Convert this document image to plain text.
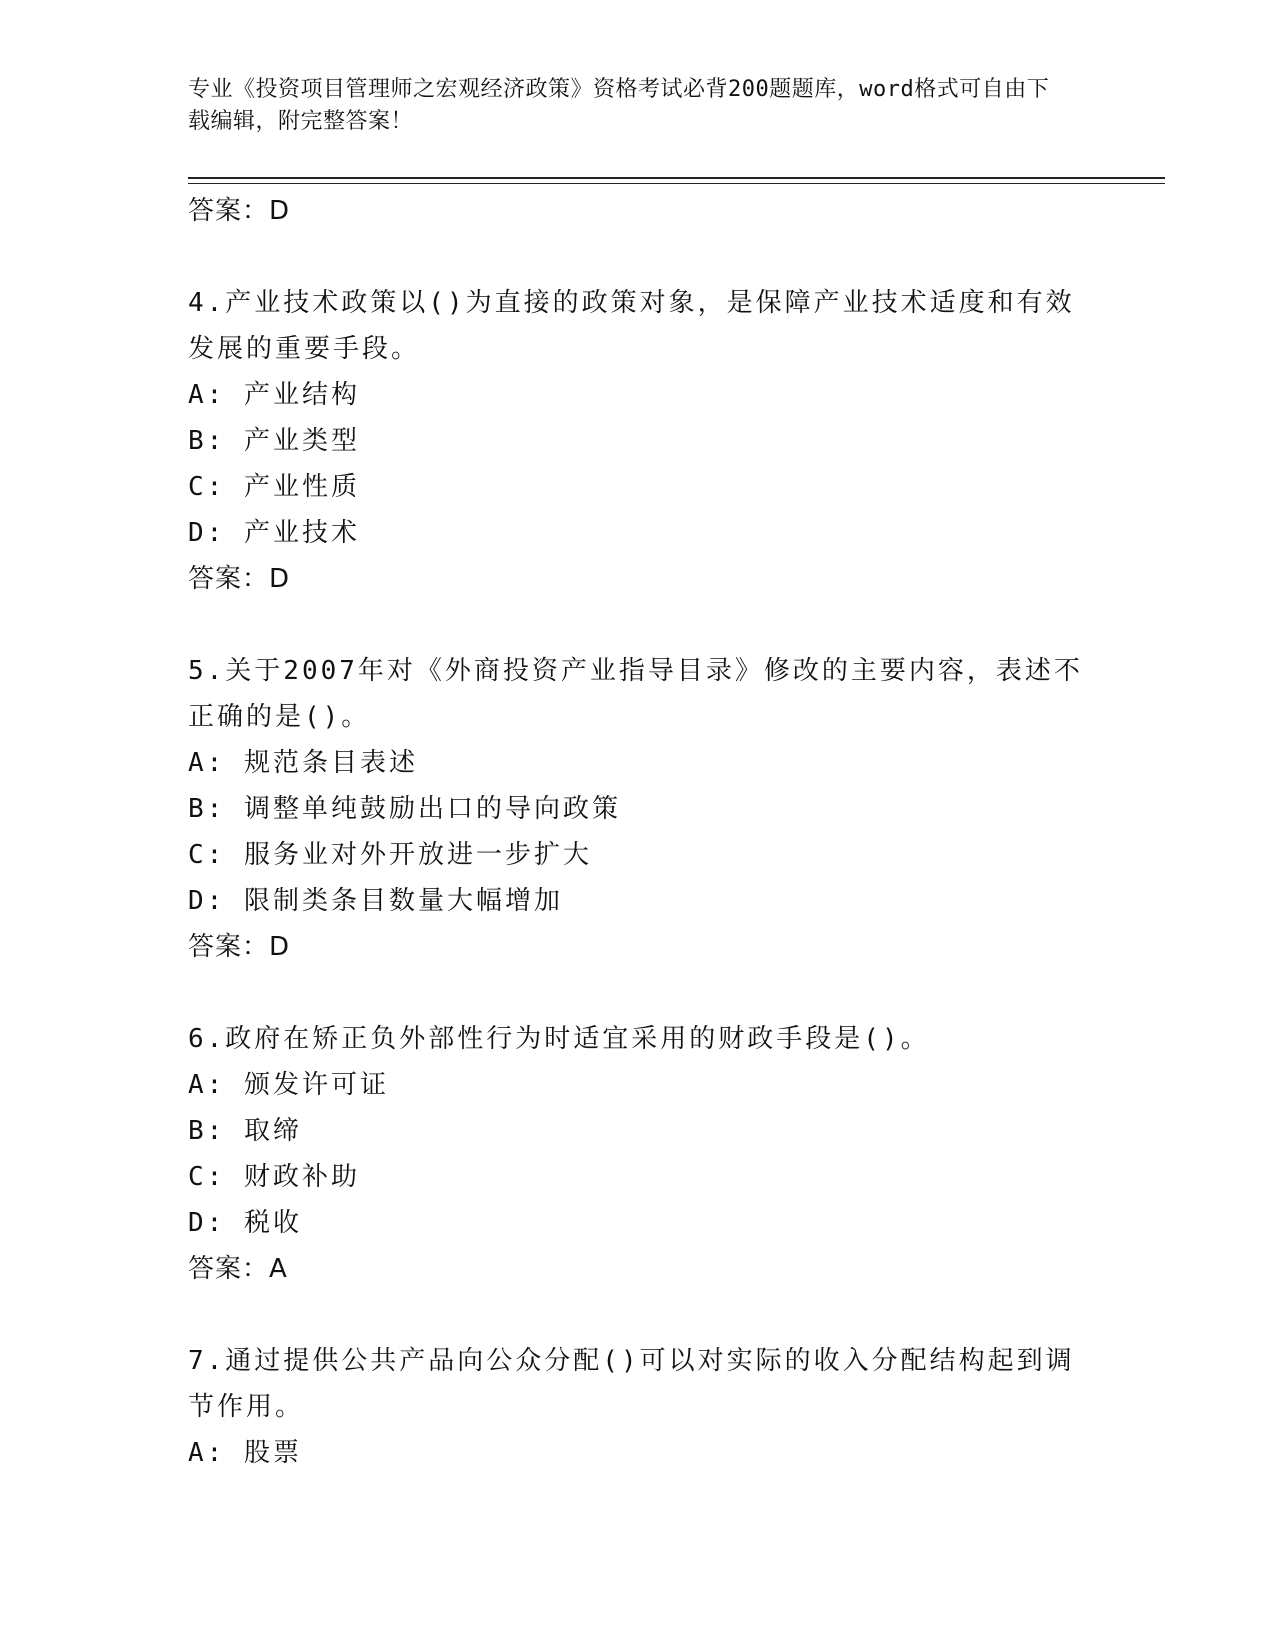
专业《投资项目管理师之宏观经济政策》资格考试必背200题题库，word格式可自由下载编辑，附完整答案！
答案：D
4.产业技术政策以()为直接的政策对象，是保障产业技术适度和有效发展的重要手段。
A: 产业结构
B: 产业类型
C: 产业性质
D: 产业技术
答案：D
5.关于2007年对《外商投资产业指导目录》修改的主要内容，表述不正确的是()。
A: 规范条目表述
B: 调整单纯鼓励出口的导向政策
C: 服务业对外开放进一步扩大
D: 限制类条目数量大幅增加
答案：D
6.政府在矫正负外部性行为时适宜采用的财政手段是()。
A: 颁发许可证
B: 取缔
C: 财政补助
D: 税收
答案：A
7.通过提供公共产品向公众分配()可以对实际的收入分配结构起到调节作用。
A: 股票
